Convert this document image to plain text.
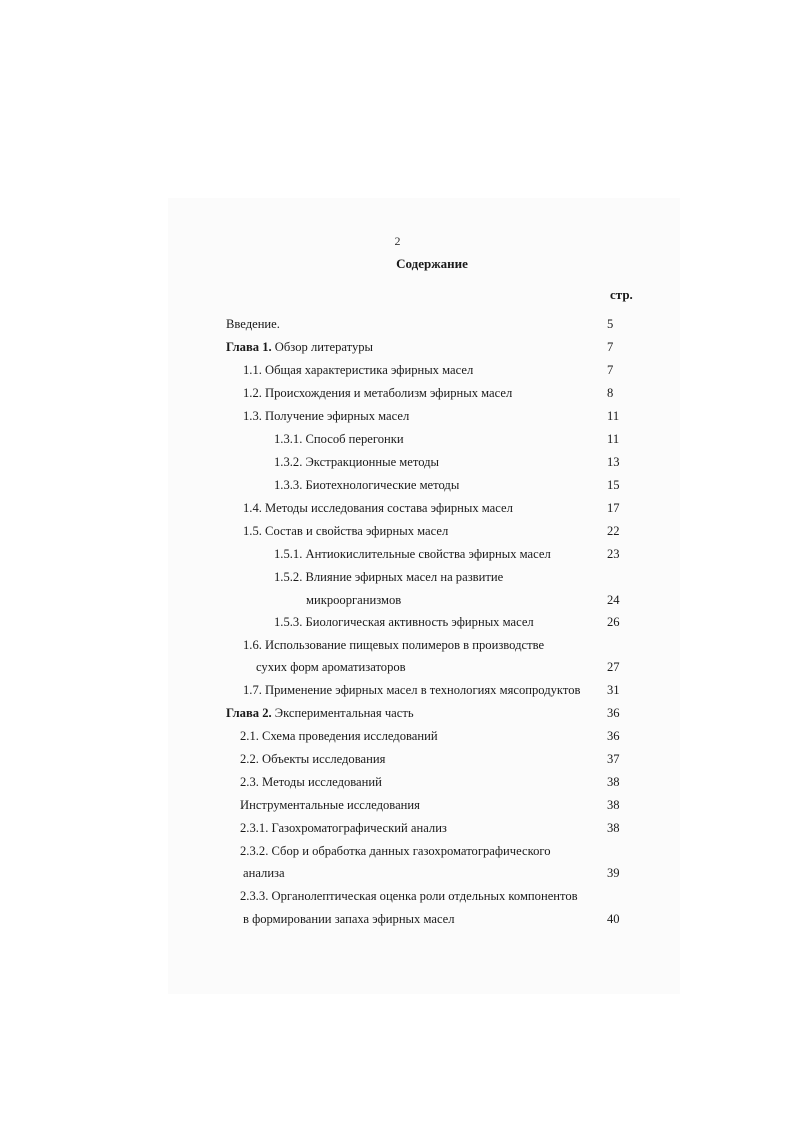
2
Содержание
стр.
Введение.	5
Глава 1. Обзор литературы	7
1.1. Общая характеристика эфирных масел	7
1.2. Происхождения и метаболизм эфирных масел	8
1.3. Получение эфирных масел	11
1.3.1. Способ перегонки	11
1.3.2. Экстракционные методы	13
1.3.3. Биотехнологические методы	15
1.4. Методы исследования состава эфирных масел	17
1.5. Состав и свойства эфирных масел	22
1.5.1. Антиокислительные свойства эфирных масел	23
1.5.2. Влияние эфирных масел на развитие
микроорганизмов	24
1.5.3. Биологическая активность эфирных масел	26
1.6. Использование пищевых полимеров в производстве
сухих форм ароматизаторов	27
1.7. Применение эфирных масел в технологиях мясопродуктов 31
Глава 2. Экспериментальная часть	36
2.1. Схема проведения исследований	36
2.2. Объекты исследования	37
2.3. Методы исследований	38
Инструментальные исследования	38
2.3.1. Газохроматографический анализ	38
2.3.2. Сбор и обработка данных газохроматографического
анализа	39
2.3.3. Органолептическая оценка роли отдельных компонентов
в формировании запаха эфирных масел	40
